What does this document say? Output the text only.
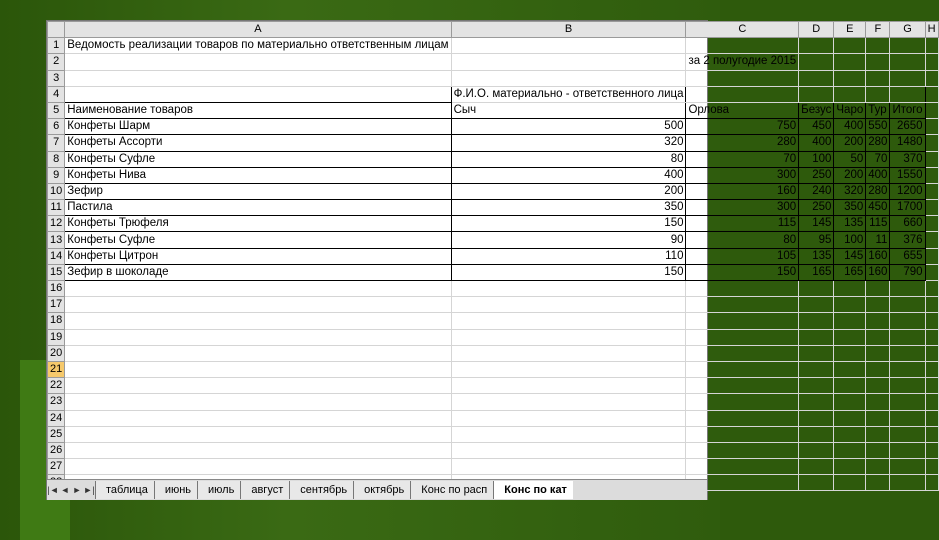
	A	B	C	D	E	F	G	H
1	Ведомость реализации товаров по материально ответственным лицам							
2			за 2 полугодие 2015					
3								
4		Ф.И.О. материально - ответственного лица						
5	Наименование товаров	Сыч	Орлова	Безус	Чаро	Тур	Итого	
6	Конфеты Шарм	500	750	450	400	550	2650	
7	Конфеты Ассорти	320	280	400	200	280	1480	
8	Конфеты Суфле	80	70	100	50	70	370	
9	Конфеты Нива	400	300	250	200	400	1550	
10	Зефир	200	160	240	320	280	1200	
11	Пастила	350	300	250	350	450	1700	
12	Конфеты Трюфеля	150	115	145	135	115	660	
13	Конфеты Суфле	90	80	95	100	11	376	
14	Конфеты Цитрон	110	105	135	145	160	655	
15	Зефир в шоколаде	150	150	165	165	160	790	
16								
17								
18								
19								
20								
21								
22								
23								
24								
25								
26								
27								

|◄ ◄ ► ►|	таблица	июнь	июль	август	сентябрь	октябрь	Конс по расп	Конс по кат
